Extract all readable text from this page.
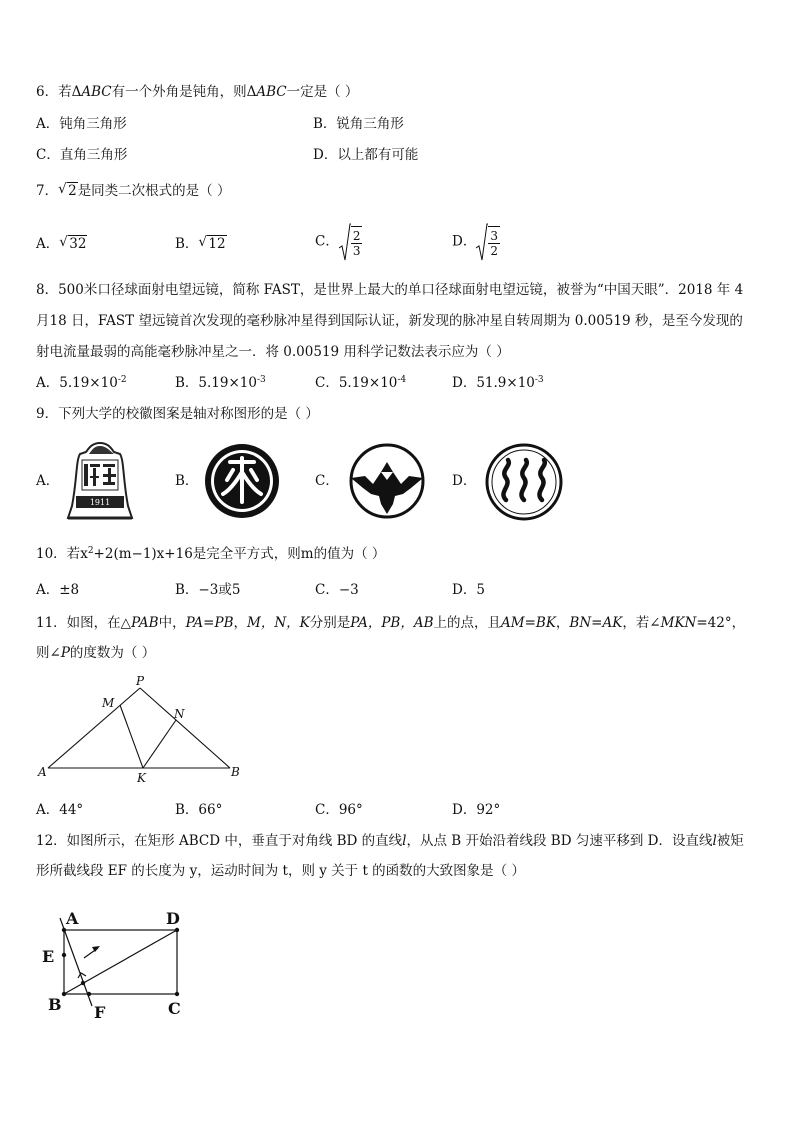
6．若ΔABC有一个外角是钝角，则ΔABC一定是（ ）
A．钝角三角形	B．锐角三角形
C．直角三角形	D．以上都有可能
7． √ 2是同类二次根式的是（ ）
A． √ 32	B． √ 12	C． $\frac{2}{3}$	D． $\frac{3}{2}$
8．500米口径球面射电望远镜，简称 FAST，是世界上最大的单口径球面射电望远镜，被誉为“中国天眼”．2018 年 4
月18 日，FAST 望远镜首次发现的毫秒脉冲星得到国际认证，新发现的脉冲星自转周期为 0.00519 秒，是至今发现的
射电流量最弱的高能毫秒脉冲星之一．将 0.00519 用科学记数法表示应为（ ）
A．$5.19\times 10^{-2}$	B．$5.19\times 10^{-3}$	C．$5.19\times 10^{-4}$	D．$51.9\times 10^{-3}$
9．下列大学的校徽图案是轴对称图形的是（ ）
A．
1911
B．	C．	D．
10．若$x^2+2(m-1)x+16$是完全平方式，则m的值为（ ）
A．±8	B．−3或5	C．−3	D．5
11．如图，在△PAB中，PA=PB，M，N，K分别是PA，PB，AB上的点，且AM=BK，BN=AK，若∠MKN=42°，
则∠P的度数为（ ）
P
M
N
A	K	B
A．44°	B．66°	C．96°	D．92°
12．如图所示，在矩形 ABCD 中，垂直于对角线 BD 的直线l，从点 B 开始沿着线段 BD 匀速平移到 D．设直线l被矩
形所截线段 EF 的长度为 y，运动时间为 t，则 y 关于 t 的函数的大致图象是（ ）
A	D
E
B F	C
